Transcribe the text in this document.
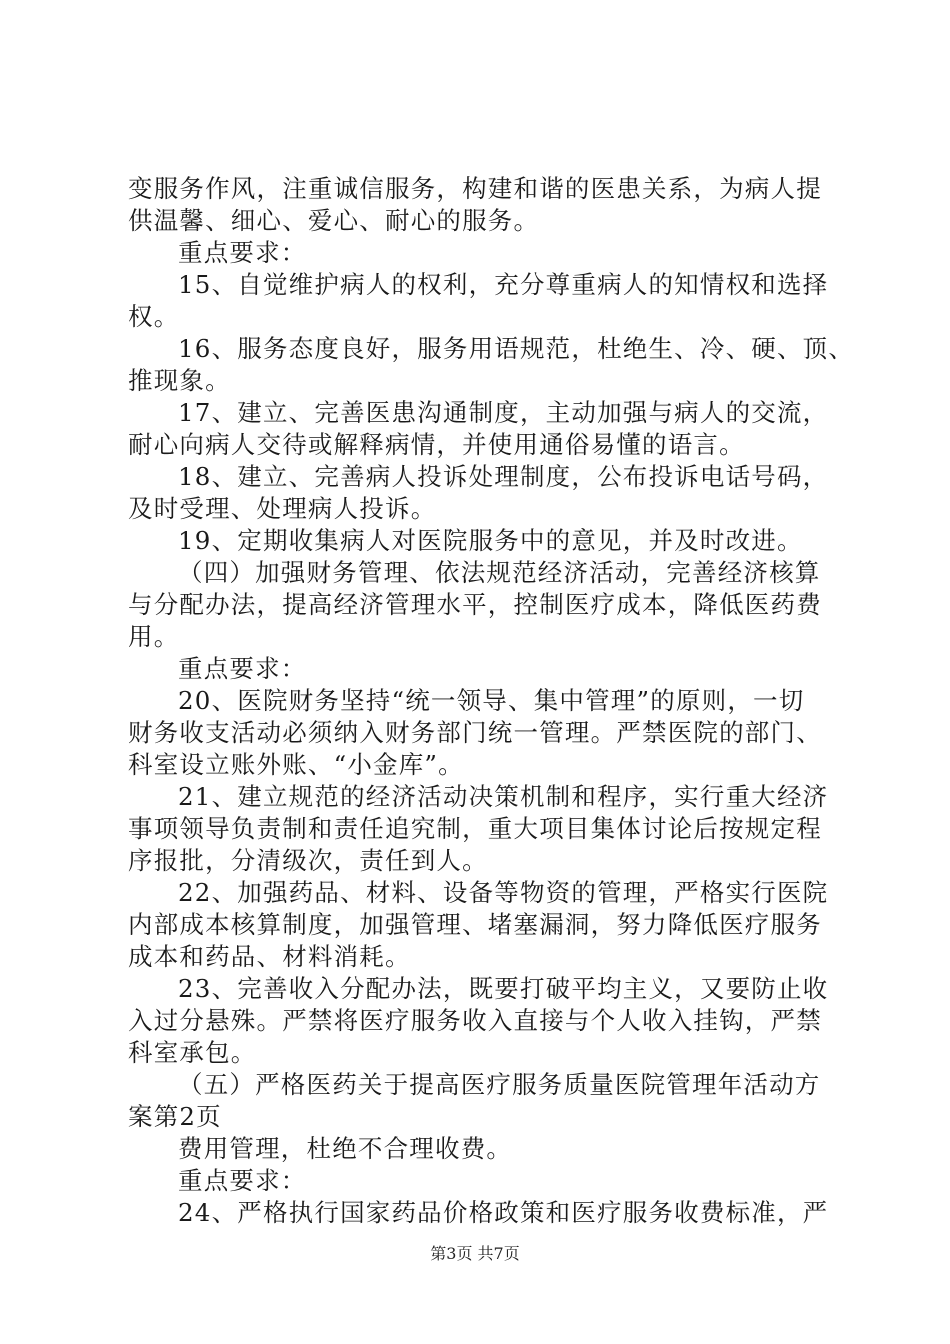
变服务作风，注重诚信服务，构建和谐的医患关系，为病人提
供温馨、细心、爱心、耐心的服务。
重点要求：
15、自觉维护病人的权利，充分尊重病人的知情权和选择
权。
16、服务态度良好，服务用语规范，杜绝生、冷、硬、顶、
推现象。
17、建立、完善医患沟通制度，主动加强与病人的交流，
耐心向病人交待或解释病情，并使用通俗易懂的语言。
18、建立、完善病人投诉处理制度，公布投诉电话号码，
及时受理、处理病人投诉。
19、定期收集病人对医院服务中的意见，并及时改进。
（四）加强财务管理、依法规范经济活动，完善经济核算
与分配办法，提高经济管理水平，控制医疗成本，降低医药费
用。
重点要求：
20、医院财务坚持“统一领导、集中管理”的原则，一切
财务收支活动必须纳入财务部门统一管理。严禁医院的部门、
科室设立账外账、“小金库”。
21、建立规范的经济活动决策机制和程序，实行重大经济
事项领导负责制和责任追究制，重大项目集体讨论后按规定程
序报批，分清级次，责任到人。
22、加强药品、材料、设备等物资的管理，严格实行医院
内部成本核算制度，加强管理、堵塞漏洞，努力降低医疗服务
成本和药品、材料消耗。
23、完善收入分配办法，既要打破平均主义，又要防止收
入过分悬殊。严禁将医疗服务收入直接与个人收入挂钩，严禁
科室承包。
（五）严格医药关于提高医疗服务质量医院管理年活动方
案第2页
费用管理，杜绝不合理收费。
重点要求：
24、严格执行国家药品价格政策和医疗服务收费标准，严
第3页 共7页
